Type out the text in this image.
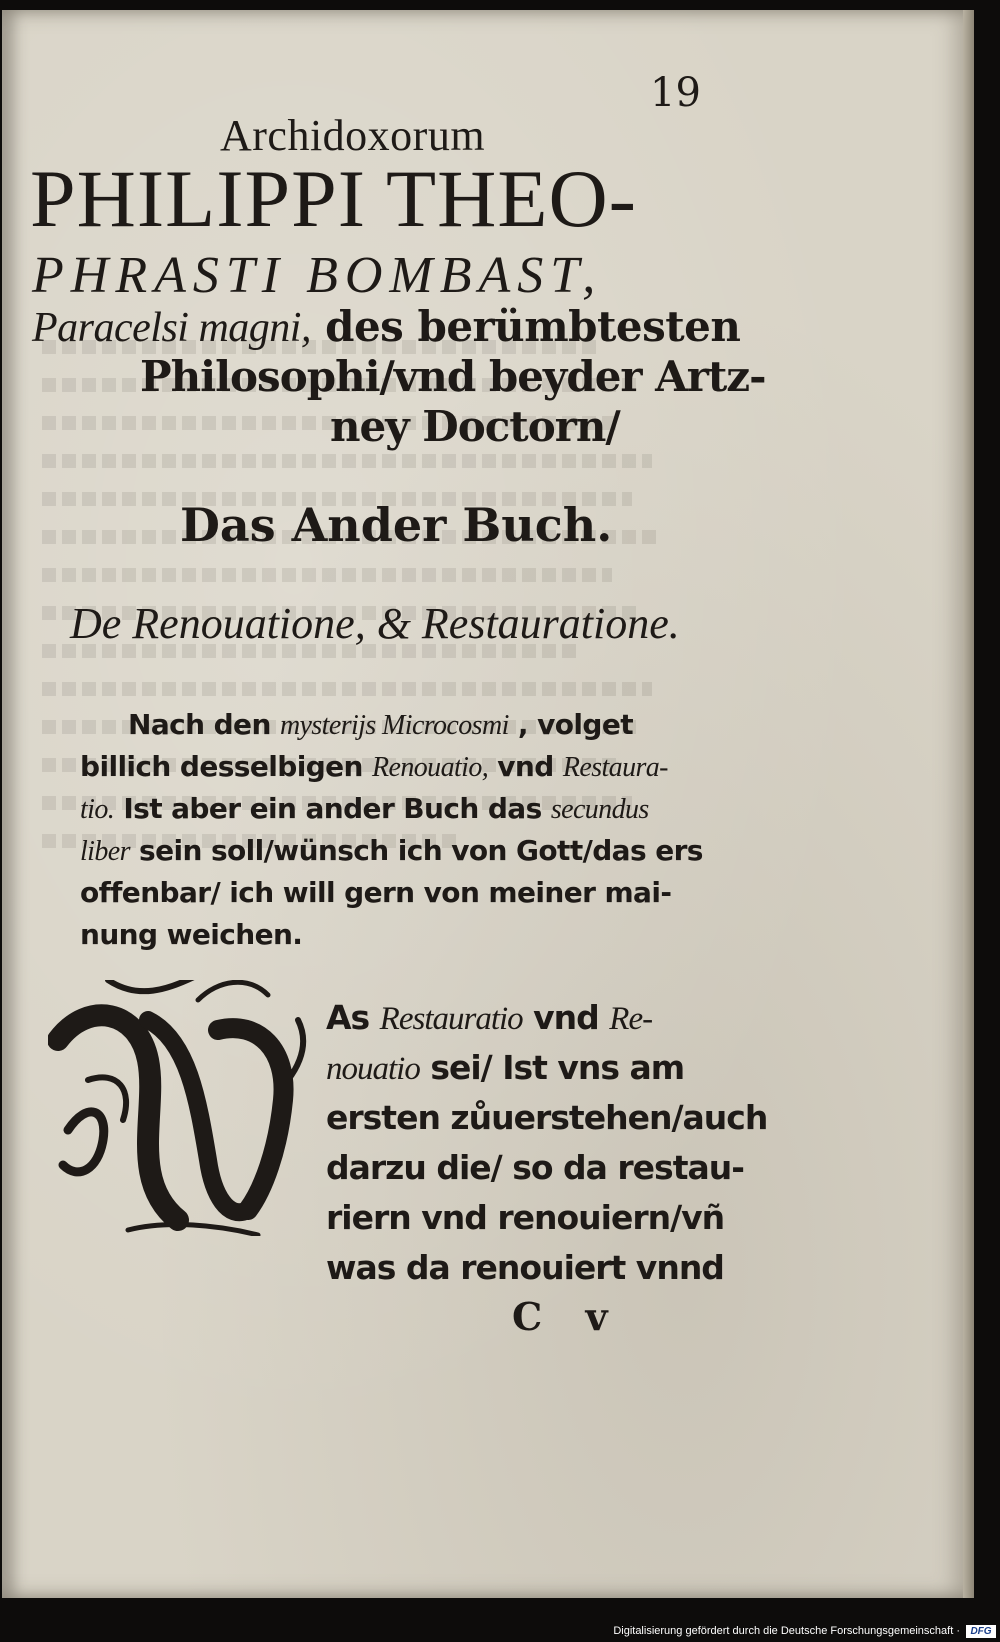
19
Archidoxorum
PHILIPPI THEO-
PHRASTI BOMBAST,
Paracelsi magni, des berümbtesten
Philosophi/vnd beyder Artz-
ney Doctorn/
Das Ander Buch.
De Renouatione, & Restauratione.
Nach den mysterijs Microcosmi , volget
billich desselbigen Renouatio, vnd Restaura-
tio. Ist aber ein ander Buch das secundus
liber sein soll/wünsch ich von Gott/das ers
offenbar/ ich will gern von meiner mai-
nung weichen.
As Restauratio vnd Re-
nouatio sei/ Ist vns am
ersten zůuerstehen/auch
darzu die/ so da restau-
riern vnd renouiern/vñ
was da renouiert vnnd
C v
Digitalisierung gefördert durch die Deutsche Forschungsgemeinschaft ·	DFG
